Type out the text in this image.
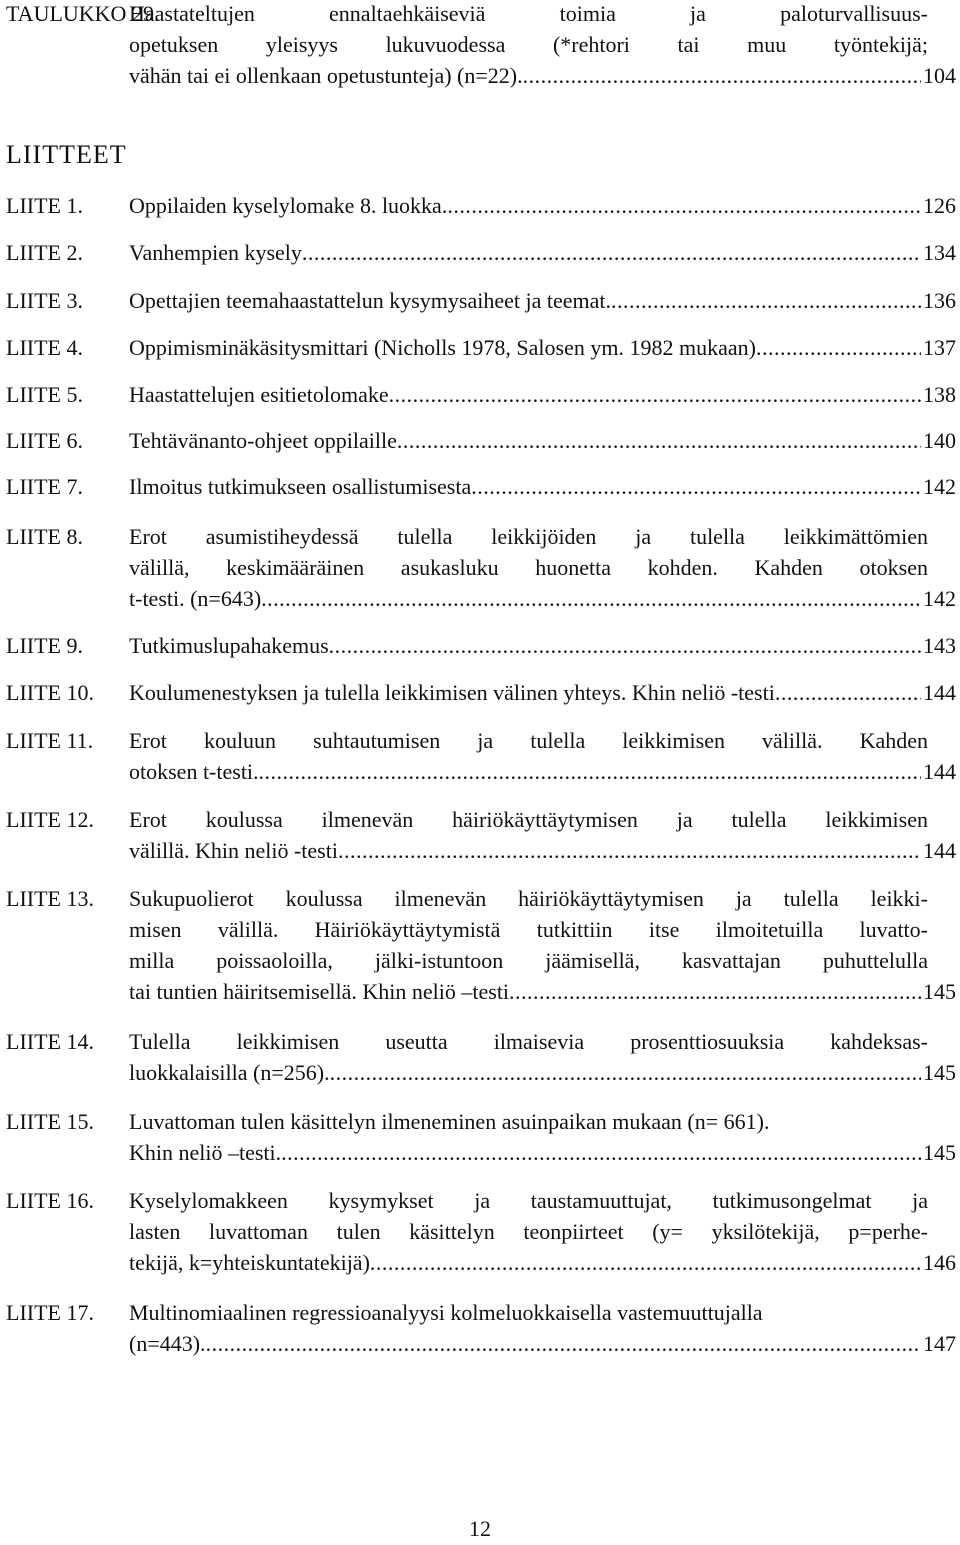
TAULUKKO 29.
Haastateltujen ennaltaehkäiseviä toimia ja paloturvallisuus-
opetuksen yleisyys lukuvuodessa (*rehtori tai muu työntekijä;
vähän tai ei ollenkaan opetustunteja) (n=22). .....	104
LIITTEET
LIITE 1. Oppilaiden kyselylomake 8. luokka. .....	126
LIITE 2. Vanhempien kysely .....	134
LIITE 3. Opettajien teemahaastattelun kysymysaiheet ja teemat. .....	136
LIITE 4. Oppimisminäkäsitysmittari (Nicholls 1978, Salosen ym. 1982 mukaan) .....	137
LIITE 5. Haastattelujen esitietolomake .....	138
LIITE 6. Tehtävänanto-ohjeet oppilaille .....	140
LIITE 7. Ilmoitus tutkimukseen osallistumisesta .....	142
LIITE 8. Erot asumistiheydessä tulella leikkijöiden ja tulella leikkimättömien
välillä, keskimääräinen asukasluku huonetta kohden. Kahden otoksen
t-testi. (n=643) .....	142
LIITE 9. Tutkimuslupahakemus .....	143
LIITE 10. Koulumenestyksen ja tulella leikkimisen välinen yhteys. Khin neliö -testi .....	144
LIITE 11. Erot kouluun suhtautumisen ja tulella leikkimisen välillä. Kahden
otoksen t-testi. .....	144
LIITE 12. Erot koulussa ilmenevän häiriökäyttäytymisen ja tulella leikkimisen
välillä. Khin neliö -testi .....	144
LIITE 13. Sukupuolierot koulussa ilmenevän häiriökäyttäytymisen ja tulella leikki-
misen välillä. Häiriökäyttäytymistä tutkittiin itse ilmoitetuilla luvatto-
milla poissaoloilla, jälki-istuntoon jäämisellä, kasvattajan puhuttelulla
tai tuntien häiritsemisellä. Khin neliö –testi .....	145
LIITE 14. Tulella leikkimisen useutta ilmaisevia prosenttiosuuksia kahdeksas-
luokkalaisilla (n=256). .....	145
LIITE 15. Luvattoman tulen käsittelyn ilmeneminen asuinpaikan mukaan (n= 661).
Khin neliö –testi. .....	145
LIITE 16. Kyselylomakkeen kysymykset ja taustamuuttujat, tutkimusongelmat ja
lasten luvattoman tulen käsittelyn teonpiirteet (y= yksilötekijä, p=perhe-
tekijä, k=yhteiskuntatekijä) .....	146
LIITE 17. Multinomiaalinen regressioanalyysi kolmeluokkaisella vastemuuttujalla
(n=443). .....	147
12
